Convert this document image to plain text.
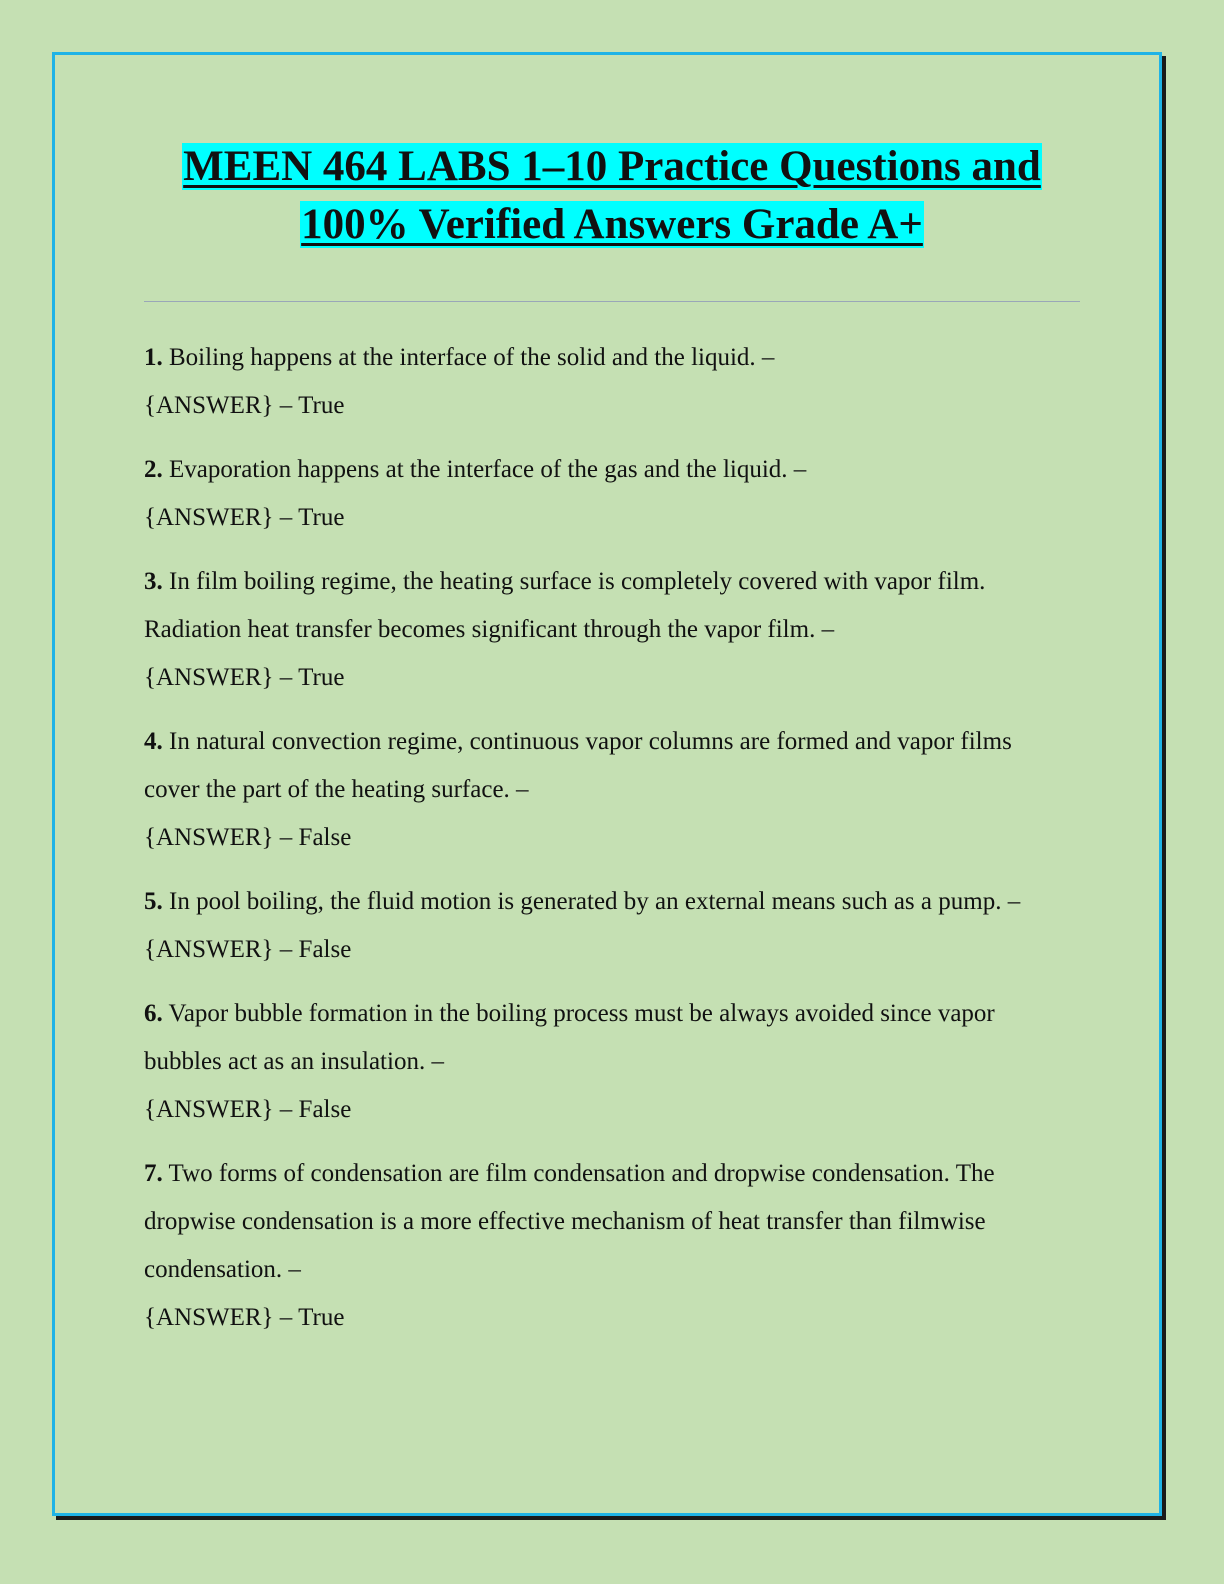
MEEN 464 LABS 1–10 Practice Questions and
100% Verified Answers Grade A+
1. Boiling happens at the interface of the solid and the liquid. –
{ANSWER} – True
2. Evaporation happens at the interface of the gas and the liquid. –
{ANSWER} – True
3. In film boiling regime, the heating surface is completely covered with vapor film. Radiation heat transfer becomes significant through the vapor film. –
{ANSWER} – True
4. In natural convection regime, continuous vapor columns are formed and vapor films cover the part of the heating surface. –
{ANSWER} – False
5. In pool boiling, the fluid motion is generated by an external means such as a pump. –
{ANSWER} – False
6. Vapor bubble formation in the boiling process must be always avoided since vapor bubbles act as an insulation. –
{ANSWER} – False
7. Two forms of condensation are film condensation and dropwise condensation. The dropwise condensation is a more effective mechanism of heat transfer than filmwise condensation. –
{ANSWER} – True
